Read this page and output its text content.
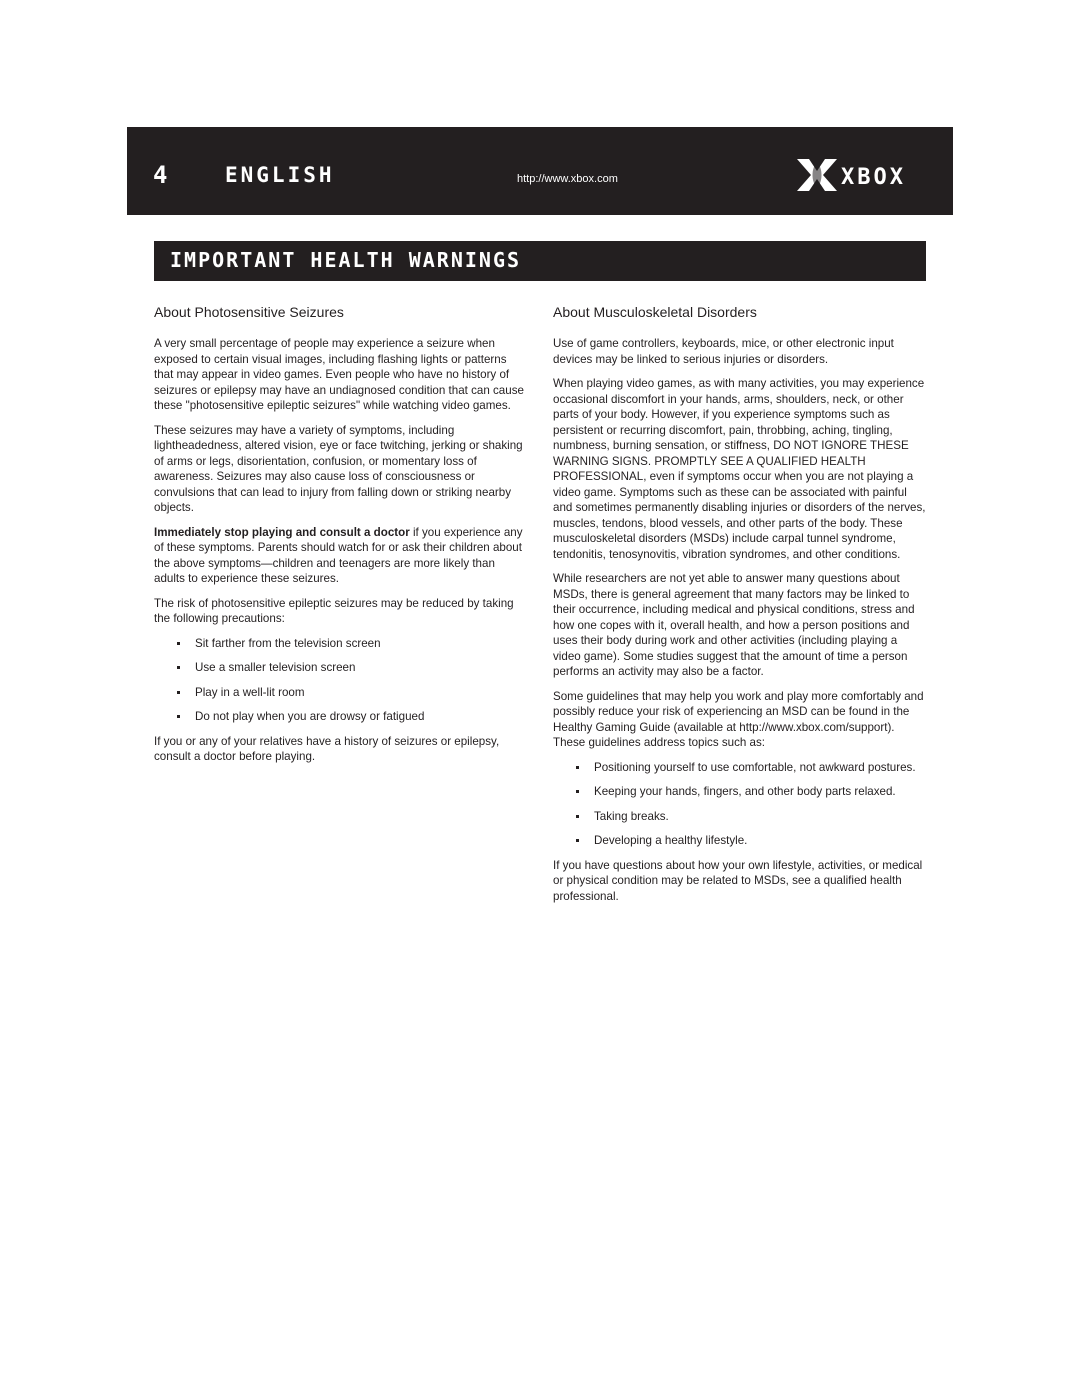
4	ENGLISH	http://www.xbox.com	XBOX
IMPORTANT HEALTH WARNINGS
About Photosensitive Seizures

A very small percentage of people may experience a seizure when exposed to certain visual images, including flashing lights or patterns that may appear in video games. Even people who have no history of seizures or epilepsy may have an undiagnosed condition that can cause these "photosensitive epileptic seizures" while watching video games.

These seizures may have a variety of symptoms, including lightheadedness, altered vision, eye or face twitching, jerking or shaking of arms or legs, disorientation, confusion, or momentary loss of awareness. Seizures may also cause loss of consciousness or convulsions that can lead to injury from falling down or striking nearby objects.

Immediately stop playing and consult a doctor if you experience any of these symptoms. Parents should watch for or ask their children about the above symptoms—children and teenagers are more likely than adults to experience these seizures.

The risk of photosensitive epileptic seizures may be reduced by taking the following precautions:

Sit farther from the television screen
Use a smaller television screen
Play in a well-lit room
Do not play when you are drowsy or fatigued

If you or any of your relatives have a history of seizures or epilepsy, consult a doctor before playing.

About Musculoskeletal Disorders

Use of game controllers, keyboards, mice, or other electronic input devices may be linked to serious injuries or disorders.

When playing video games, as with many activities, you may experience occasional discomfort in your hands, arms, shoulders, neck, or other parts of your body. However, if you experience symptoms such as persistent or recurring discomfort, pain, throbbing, aching, tingling, numbness, burning sensation, or stiffness, DO NOT IGNORE THESE WARNING SIGNS. PROMPTLY SEE A QUALIFIED HEALTH PROFESSIONAL, even if symptoms occur when you are not playing a video game. Symptoms such as these can be associated with painful and sometimes permanently disabling injuries or disorders of the nerves, muscles, tendons, blood vessels, and other parts of the body. These musculoskeletal disorders (MSDs) include carpal tunnel syndrome, tendonitis, tenosynovitis, vibration syndromes, and other conditions.

While researchers are not yet able to answer many questions about MSDs, there is general agreement that many factors may be linked to their occurrence, including medical and physical conditions, stress and how one copes with it, overall health, and how a person positions and uses their body during work and other activities (including playing a video game). Some studies suggest that the amount of time a person performs an activity may also be a factor.

Some guidelines that may help you work and play more comfortably and possibly reduce your risk of experiencing an MSD can be found in the Healthy Gaming Guide (available at http://www.xbox.com/support). These guidelines address topics such as:

Positioning yourself to use comfortable, not awkward postures.
Keeping your hands, fingers, and other body parts relaxed.
Taking breaks.
Developing a healthy lifestyle.

If you have questions about how your own lifestyle, activities, or medical or physical condition may be related to MSDs, see a qualified health professional.
